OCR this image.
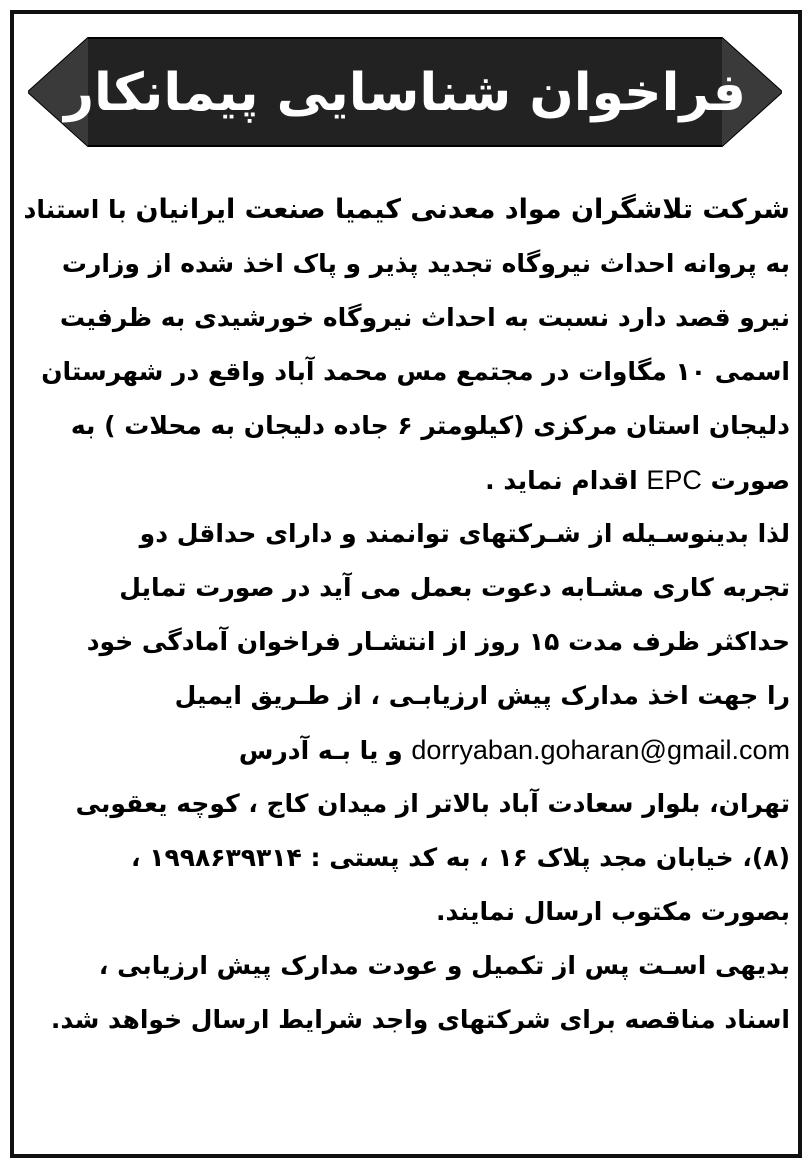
فراخوان شناسایی پیمانکار
شرکت تلاشگران مواد معدنی کیمیا صنعت ایرانیان با استناد
به پروانه احداث نیروگاه تجدید پذیر و پاک اخذ شده از وزارت
نیرو قصد دارد نسبت به احداث نیروگاه خورشیدی به ظرفیت
اسمی ۱۰ مگاوات در مجتمع مس محمد آباد واقع در شهرستان
دلیجان استان مرکزی (کیلومتر ۶ جاده دلیجان به محلات ) به
صورت EPC اقدام نماید .
لذا بدینوسـیله از شـرکتهای توانمند و دارای حداقل دو
تجربه کاری مشـابه دعوت بعمل می آید در صورت تمایل
حداکثر ظرف مدت ۱۵ روز از انتشـار فراخوان آمادگی خود
را جهت اخذ مدارک پیش ارزیابـی ، از طـریق ایمیل
dorryaban.goharan@gmail.com و یا بـه آدرس
تهران، بلوار سعادت آباد بالاتر از میدان کاج ، کوچه یعقوبی
(۸)، خیابان مجد پلاک ۱۶ ، به کد پستی : ۱۹۹۸۶۳۹۳۱۴ ،
بصورت مکتوب ارسال نمایند.
بدیهی اسـت پس از تکمیل و عودت مدارک پیش ارزیابی ،
اسناد مناقصه برای شرکتهای واجد شرایط ارسال خواهد شد.
